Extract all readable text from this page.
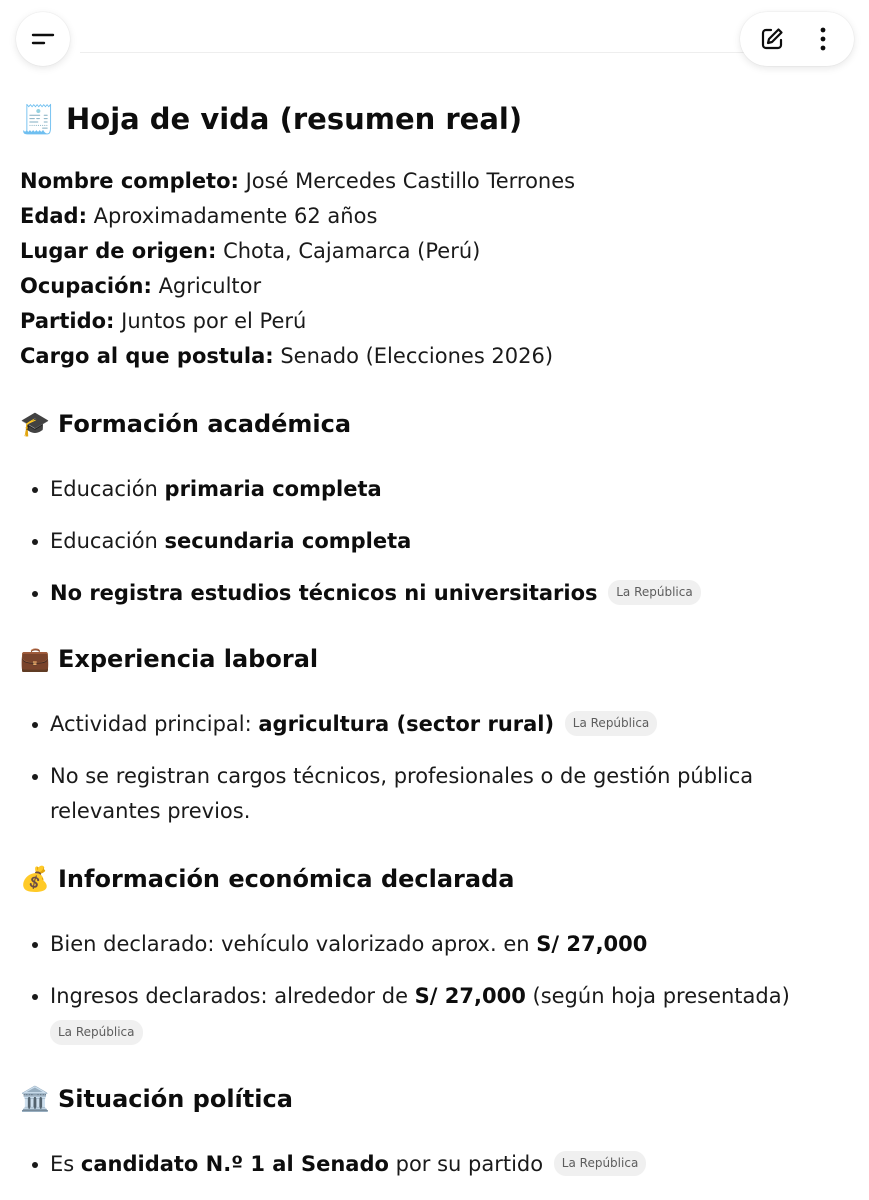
🧾 Hoja de vida (resumen real)
Nombre completo: José Mercedes Castillo Terrones
Edad: Aproximadamente 62 años
Lugar de origen: Chota, Cajamarca (Perú)
Ocupación: Agricultor
Partido: Juntos por el Perú
Cargo al que postula: Senado (Elecciones 2026)
🎓 Formación académica
Educación primaria completa
Educación secundaria completa
No registra estudios técnicos ni universitarios La República
💼 Experiencia laboral
Actividad principal: agricultura (sector rural) La República
No se registran cargos técnicos, profesionales o de gestión pública relevantes previos.
💰 Información económica declarada
Bien declarado: vehículo valorizado aprox. en S/ 27,000
Ingresos declarados: alrededor de S/ 27,000 (según hoja presentada)
La República
🏛️ Situación política
Es candidato N.º 1 al Senado por su partido La República
